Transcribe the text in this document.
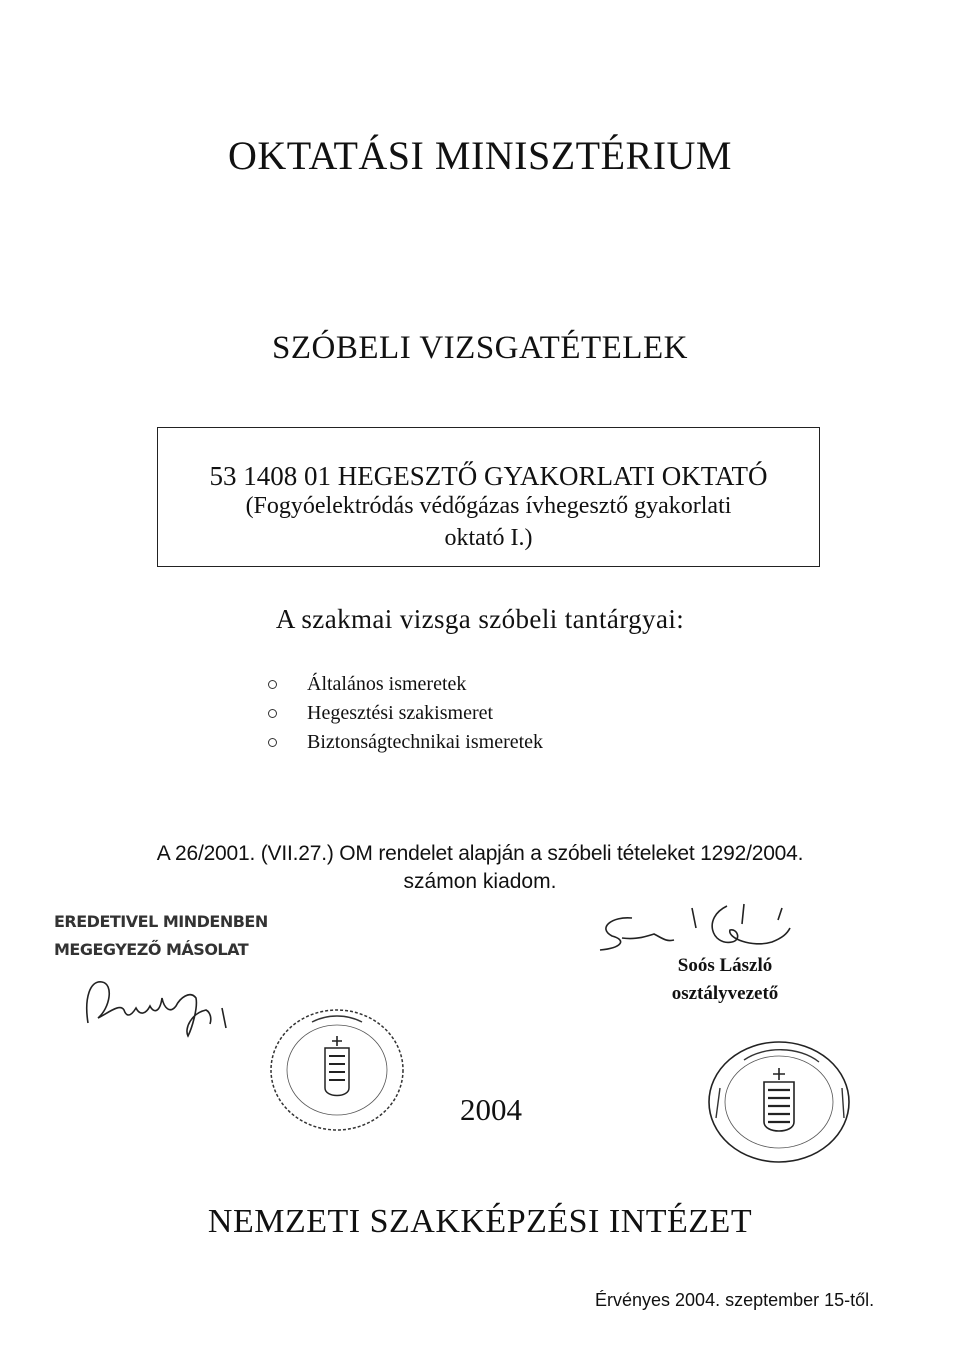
OKTATÁSI MINISZTÉRIUM
SZÓBELI VIZSGATÉTELEK
53 1408 01 HEGESZTŐ GYAKORLATI OKTATÓ
(Fogyóelektródás védőgázas ívhegesztő gyakorlati
oktató I.)
A szakmai vizsga szóbeli tantárgyai:
Általános ismeretek
Hegesztési szakismeret
Biztonságtechnikai ismeretek
A 26/2001. (VII.27.) OM rendelet alapján a szóbeli tételeket 1292/2004.
számon kiadom.
EREDETIVEL MINDENBEN
MEGEGYEZŐ MÁSOLAT
Soós László
osztályvezető
2004
NEMZETI SZAKKÉPZÉSI INTÉZET
Érvényes 2004. szeptember 15-től.
